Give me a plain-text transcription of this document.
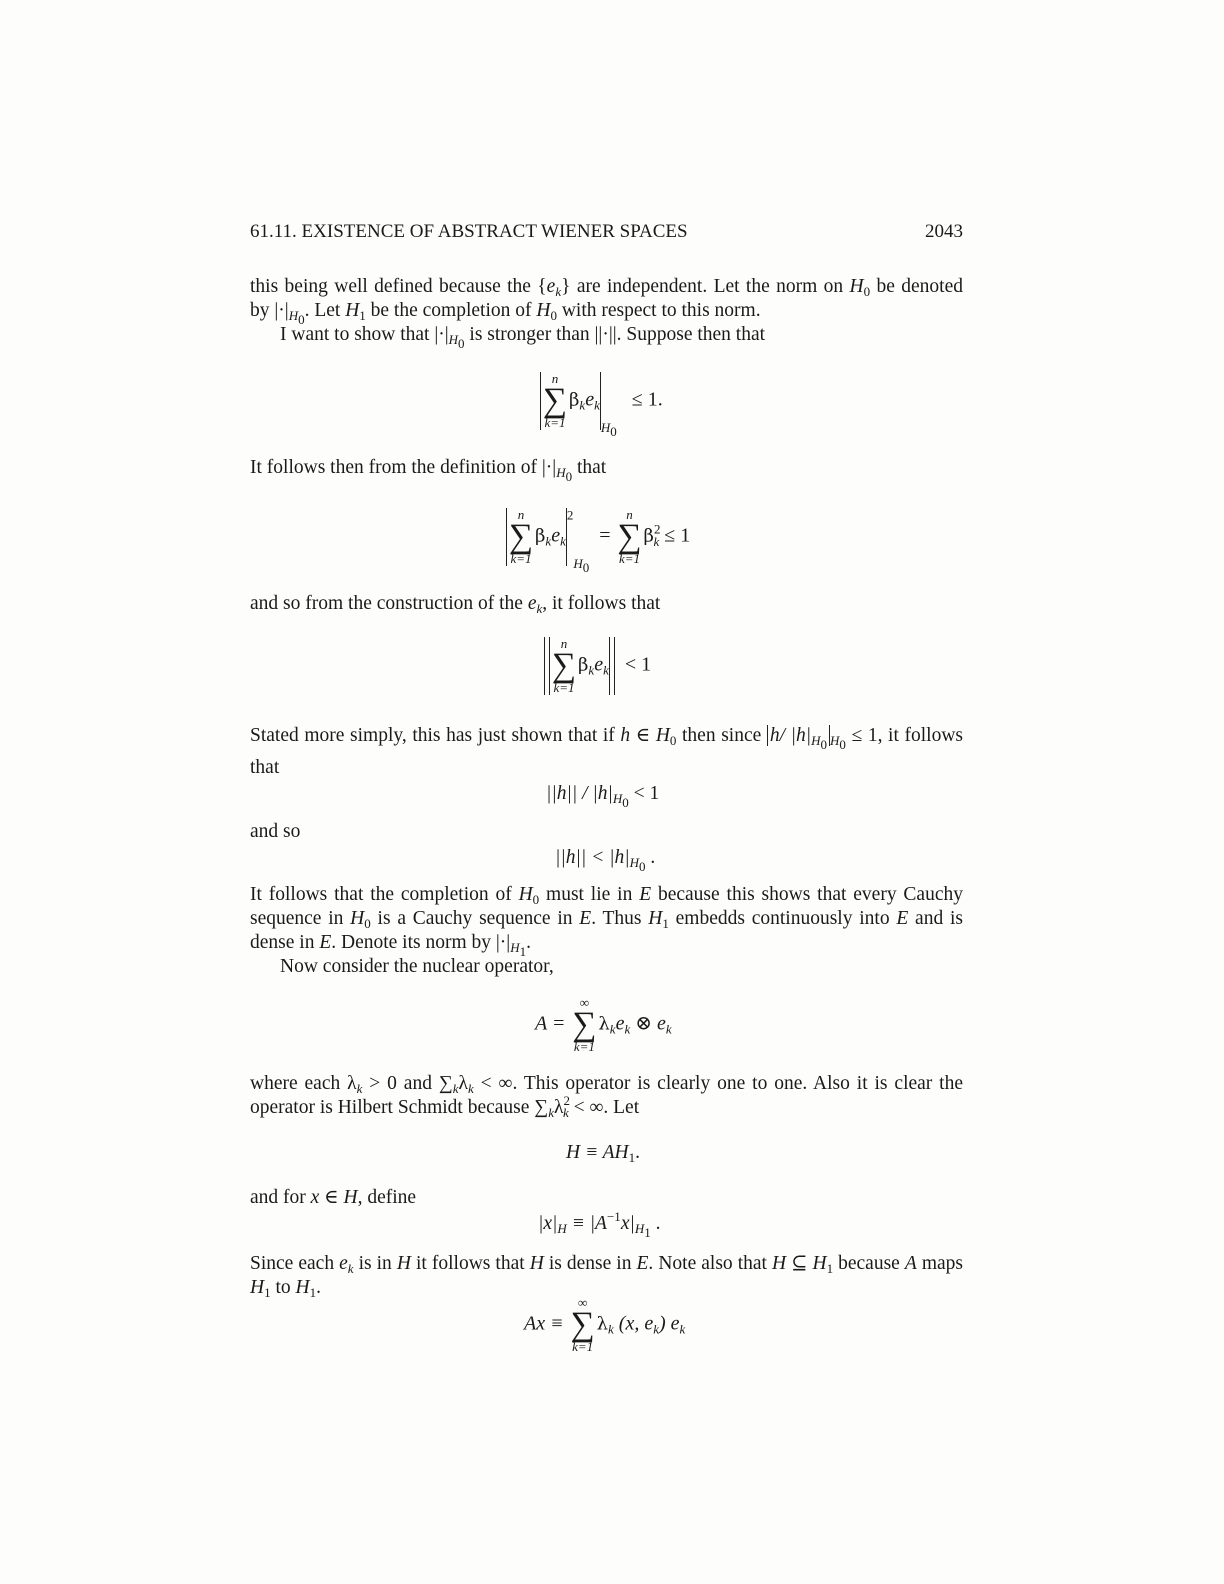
61.11. EXISTENCE OF ABSTRACT WIENER SPACES	2043
this being well defined because the $\{e_k\}$ are independent. Let the norm on $H_0$ be denoted
by $|\cdot|_{H_0}$. Let $H_1$ be the completion of $H_0$ with respect to this norm.
I want to show that $|\cdot|_{H_0}$ is stronger than ||·||. Suppose then that
n
∑
k=1
$\beta_ke_{kH_0} \le 1$.
It follows then from the definition of $|\cdot|_{H_0}$ that
n
∑
k=1
$\beta_ke_k^2_{H_0}$  =
n
∑
k=1
$\beta^2_k \le 1$
and so from the construction of the $e_k$, it follows that
n
∑
k=1
$\beta_ke_k < 1$
Stated more simply, this has just shown that if h ∈ $H_0$ then since h/ $|h|_{H_0}$ $_{H_0}$ ≤ 1, it follows
that
$||h|| / |h|_{H_0} < 1$
and so
$||h|| < |h|_{H_0}$ .
It follows that the completion of $H_0$ must lie in E because this shows that every Cauchy
sequence in $H_0$ is a Cauchy sequence in E. Thus $H_1$ embedds continuously into E and is
dense in E. Denote its norm by $|\cdot|_{H_1}$.
Now consider the nuclear operator,
A =
∞
∑
k=1
$\lambda_ke_k$ ⊗ $e_k$
where each $\lambda_k > 0$ and $\sum_k\lambda_k$ < ∞. This operator is clearly one to one. Also it is clear the
operator is Hilbert Schmidt because $\sum_k\lambda^2_k$ < ∞. Let
$H \equiv AH_1$.
and for x ∈ H, define
$|x|_H \equiv |A^{-1}x|_{H_1}$ .
Since each $e_k$ is in H it follows that H is dense in E. Note also that H ⊆ $H_1$ because A maps
$H_1$ to $H_1$.
Ax ≡
∞
∑
k=1
$\lambda_k$ (x, $e_k$) $e_k$
